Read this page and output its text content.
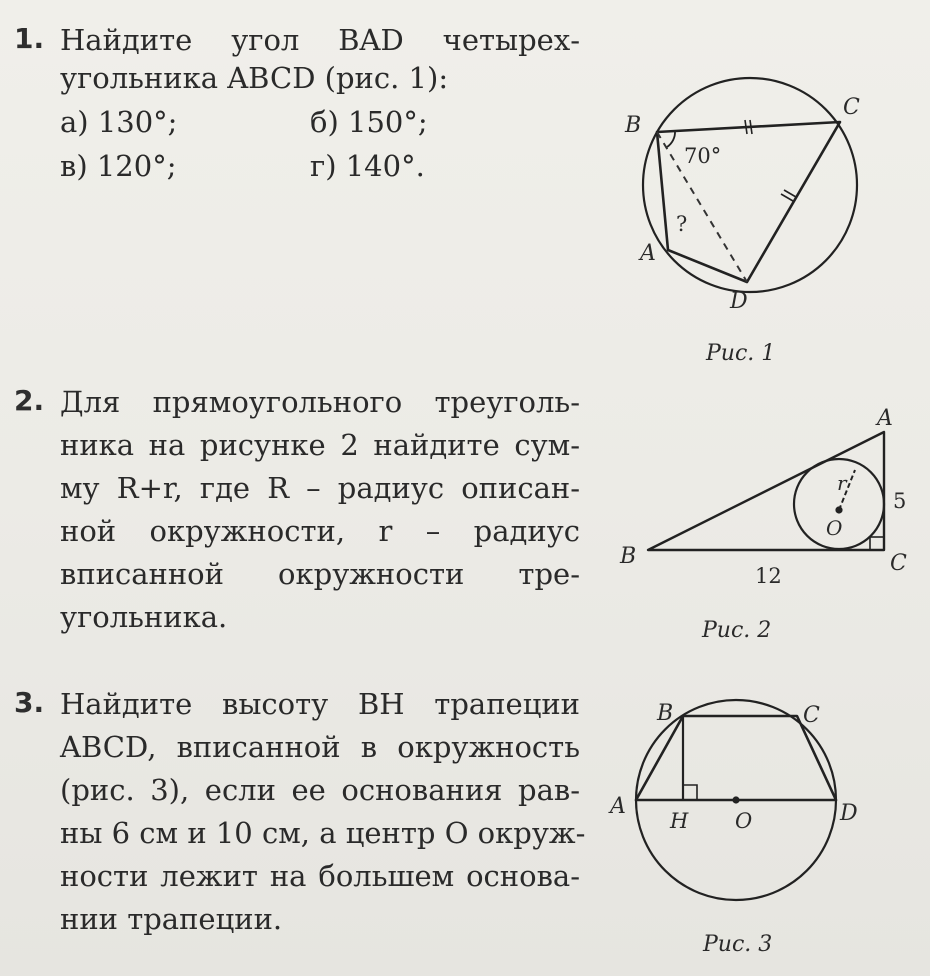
1. Найдите угол BAD четырех-
угольника ABCD (рис. 1):
а) 130°;	б) 150°;
в) 120°;	г) 140°.
2. Для прямоугольного треуголь-
ника на рисунке 2 найдите сум-
му R+r, где R – радиус описан-
ной окружности, r – радиус
вписанной окружности тре-
угольника.
3. Найдите высоту BH трапеции
ABCD, вписанной в окружность
(рис. 3), если ее основания рав-
ны 6 см и 10 см, а центр O окруж-
ности лежит на большем основа-
нии трапеции.
B
C
A
D
70°
?
Рис. 1
A
B	C
O
r
5
12
Рис. 2
A
B	C
D
H O
Рис. 3
